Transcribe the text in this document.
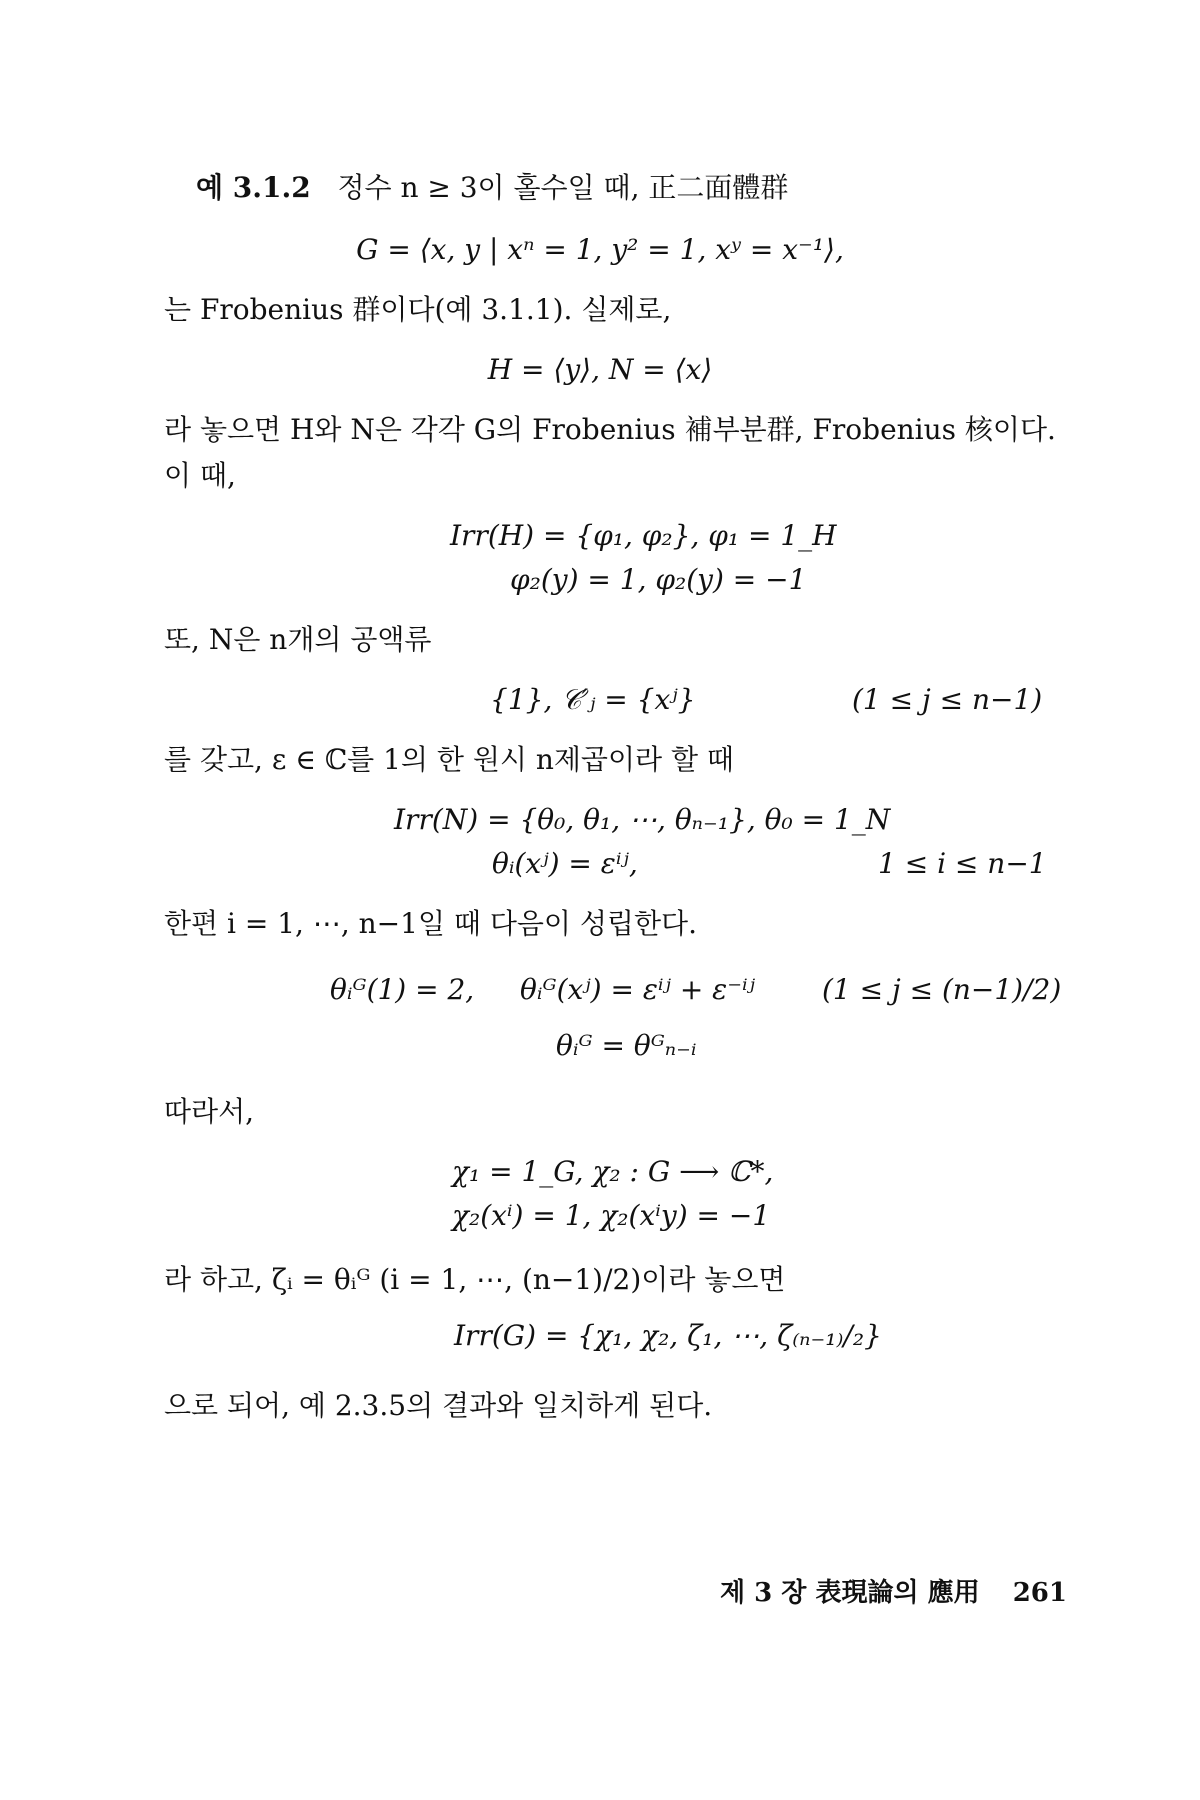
예 3.1.2 정수 n ≥ 3이 홀수일 때, 正二面體群
G = ⟨x, y | xⁿ = 1, y² = 1, xʸ = x⁻¹⟩,
는 Frobenius 群이다(예 3.1.1). 실제로,
H = ⟨y⟩, N = ⟨x⟩
라 놓으면 H와 N은 각각 G의 Frobenius 補부분群, Frobenius 核이다.
이 때,
Irr(H) = {φ₁, φ₂}, φ₁ = 1_H
φ₂(y) = 1, φ₂(y) = −1
또, N은 n개의 공액류
{1}, 𝒞′ⱼ = {xʲ}	(1 ≤ j ≤ n−1)
를 갖고, ε ∈ ℂ를 1의 한 원시 n제곱이라 할 때
Irr(N) = {θ₀, θ₁, ⋯, θₙ₋₁}, θ₀ = 1_N
θᵢ(xʲ) = εⁱʲ,	1 ≤ i ≤ n−1
한편 i = 1, ⋯, n−1일 때 다음이 성립한다.
θᵢᴳ(1) = 2, θᵢᴳ(xʲ) = εⁱʲ + ε⁻ⁱʲ (1 ≤ j ≤ (n−1)/2)
θᵢᴳ = θᴳₙ₋ᵢ
따라서,
χ₁ = 1_G, χ₂ : G ⟶ ℂ*,
χ₂(xⁱ) = 1, χ₂(xⁱy) = −1
라 하고, ζᵢ = θᵢᴳ (i = 1, ⋯, (n−1)/2)이라 놓으면
Irr(G) = {χ₁, χ₂, ζ₁, ⋯, ζ₍ₙ₋₁₎/₂}
으로 되어, 예 2.3.5의 결과와 일치하게 된다.
제 3 장 表現論의 應用 261
